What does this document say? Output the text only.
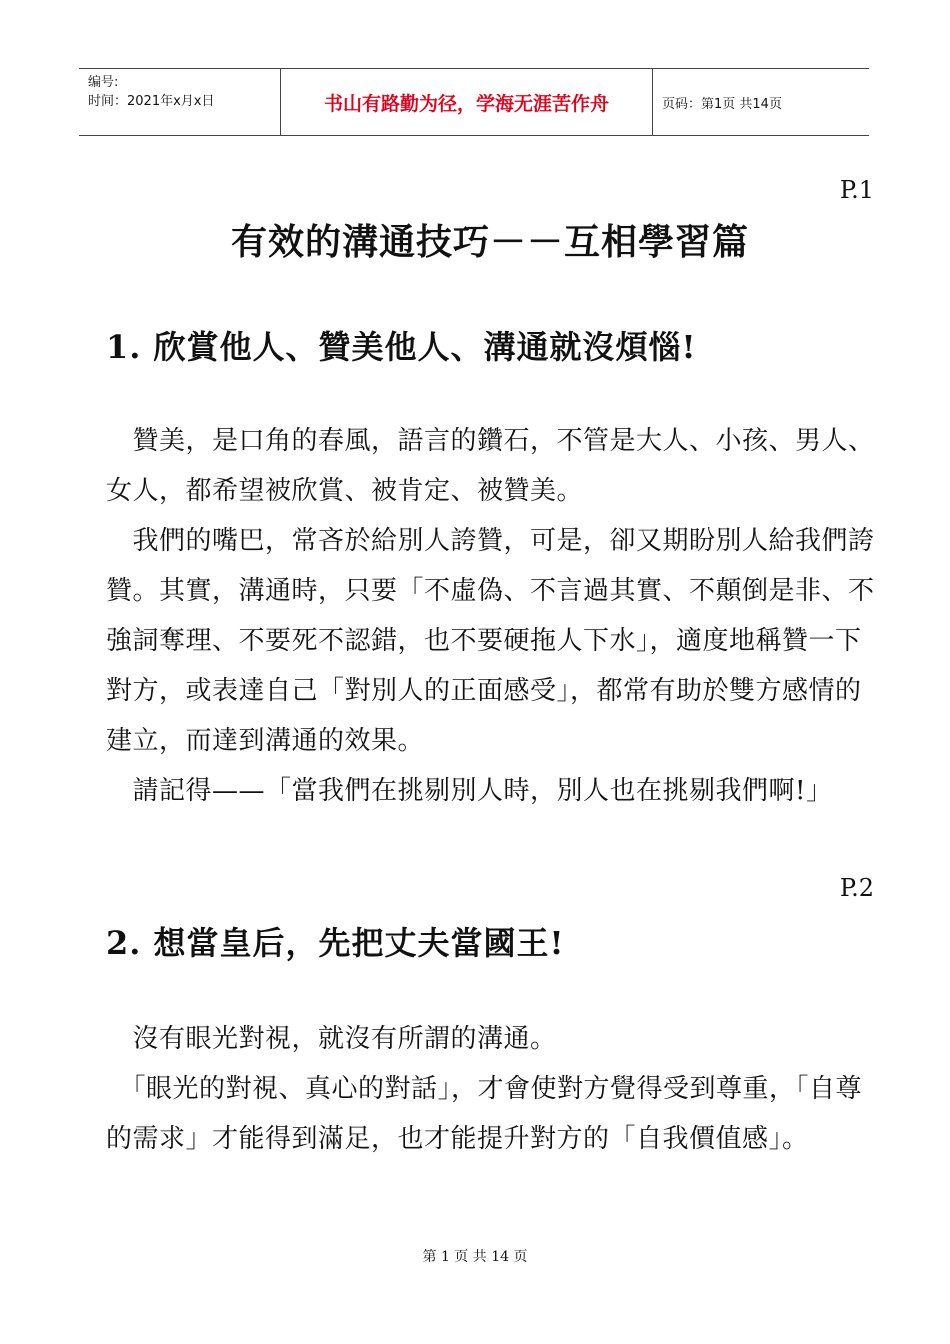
编号:
时间：2021年x月x日	书山有路勤为径，学海无涯苦作舟	页码：第1页 共14页
P.1
有效的溝通技巧－－互相學習篇
1. 欣賞他人、贊美他人、溝通就沒煩惱!

　贊美，是口角的春風，語言的鑽石，不管是大人、小孩、男人、女人，都希望被欣賞、被肯定、被贊美。

　我們的嘴巴，常吝於給別人誇贊，可是，卻又期盼別人給我們誇贊。其實，溝通時，只要「不虛偽、不言過其實、不顛倒是非、不強詞奪理、不要死不認錯，也不要硬拖人下水」，適度地稱贊一下對方，或表達自己「對別人的正面感受」，都常有助於雙方感情的建立，而達到溝通的效果。

　請記得——「當我們在挑剔別人時，別人也在挑剔我們啊!」

P.2
2. 想當皇后，先把丈夫當國王!

　沒有眼光對視，就沒有所謂的溝通。

　「眼光的對視、真心的對話」，才會使對方覺得受到尊重，「自尊的需求」才能得到滿足，也才能提升對方的「自我價值感」。

第 1 页 共 14 页
